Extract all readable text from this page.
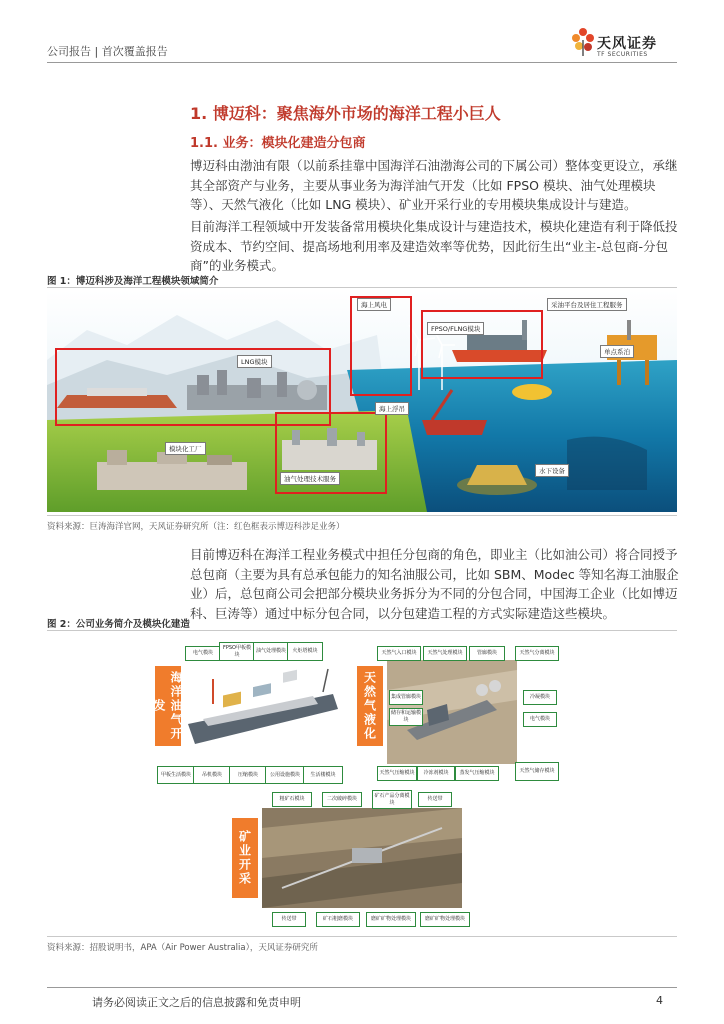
公司报告 | 首次覆盖报告	天风证券
TF SECURITIES
1. 博迈科：聚焦海外市场的海洋工程小巨人
1.1. 业务：模块化建造分包商
博迈科由渤油有限（以前系挂靠中国海洋石油渤海公司的下属公司）整体变更设立，承继其全部资产与业务，主要从事业务为海洋油气开发（比如 FPSO 模块、油气处理模块等）、天然气液化（比如 LNG 模块）、矿业开采行业的专用模块集成设计与建造。
目前海洋工程领域中开发装备常用模块化集成设计与建造技术，模块化建造有利于降低投资成本、节约空间、提高场地利用率及建造效率等优势，因此衍生出“业主-总包商-分包商”的业务模式。
图 1：博迈科涉及海洋工程模块领域简介
LNG模块
模块化工厂
油气处理技术服务
海上风电
FPSO/FLNG模块
采油平台及居住工程服务
单点系泊
海上浮吊
水下设备
资料来源：巨涛海洋官网，天风证券研究所（注：红色框表示博迈科涉足业务）
目前博迈科在海洋工程业务模式中担任分包商的角色，即业主（比如油公司）将合同授予总包商（主要为具有总承包能力的知名油服公司，比如 SBM、Modec 等知名海工油服企业）后，总包商公司会把部分模块业务拆分为不同的分包合同，中国海工企业（比如博迈科、巨涛等）通过中标分包合同，以分包建造工程的方式实际建造这些模块。
图 2：公司业务简介及模块化建造
海洋油气开发
电气模块
FPSO甲板模块
油气处理模块	火炬塔模块
甲板生活模块	吊机模块	压缩模块	公用设施模块	生活楼模块
天然气液化
天然气入口模块	天然气处理模块	管廊模块	天然气分离模块
集成管廊模块
储存和运输模块
冷凝模块
电气模块
天然气压缩模块	冷冻剂模块	蒸发气压缩模块	天然气储存模块
矿业开采
粗矿石模块	二次破碎模块
矿石产品分离模块
传送带
传送带	矿石粗磨模块	磨矿矿物处理模块	磨矿矿物处理模块
资料来源：招股说明书，APA（Air Power Australia），天风证券研究所
请务必阅读正文之后的信息披露和免责申明	4
